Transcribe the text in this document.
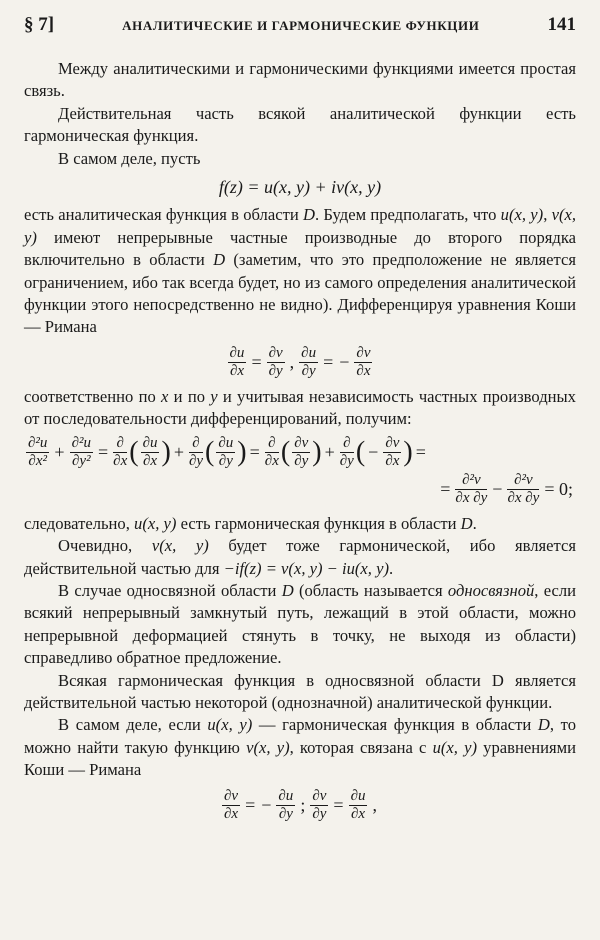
§ 7]	АНАЛИТИЧЕСКИЕ И ГАРМОНИЧЕСКИЕ ФУНКЦИИ	141

Между аналитическими и гармоническими функциями имеется простая связь.

Действительная часть всякой аналитической функции есть гармоническая функция.

В самом деле, пусть

f(z) = u(x, y) + iv(x, y)

есть аналитическая функция в области D. Будем предполагать, что u(x, y), v(x, y) имеют непрерывные частные производные до второго порядка включительно в области D (заметим, что это предположение не является ограничением, ибо так всегда будет, но из самого определения аналитической функции этого непосредственно не видно). Дифференцируя уравнения Коши — Римана

$\frac{\partial u}{\partial x} = \frac{\partial v}{\partial y}$ , $\frac{\partial u}{\partial y}$ = − $\frac{\partial v}{\partial x}$

соответственно по x и по y и учитывая независимость частных производных от последовательности дифференцирований, получим:

$\frac{\text{∂²u}}{\text{∂x²}} + \frac{\text{∂²u}}{\text{∂y²}} = \frac{\partial}{\partial x}$ ( $\frac{\partial u}{\partial x}$ ) + $\frac{\partial}{\partial y}$ ( $\frac{\partial u}{\partial y}$ ) = $\frac{\partial}{\partial x}$ ( $\frac{\partial v}{\partial y}$ ) + $\frac{\partial}{\partial y}$ ( − $\frac{\partial v}{\partial x}$ ) =
= $\frac{\text{∂²v}}{\partial x \partial y} - \frac{\text{∂²v}}{\partial x \partial y} = 0$;

следовательно, u(x, y) есть гармоническая функция в области D.

Очевидно, v(x, y) будет тоже гармонической, ибо является действительной частью для −if(z) = v(x, y) − iu(x, y).

В случае односвязной области D (область называется односвязной, если всякий непрерывный замкнутый путь, лежащий в этой области, можно непрерывной деформацией стянуть в точку, не выходя из области) справедливо обратное предложение.

Всякая гармоническая функция в односвязной области D является действительной частью некоторой (однозначной) аналитической функции.

В самом деле, если u(x, y) — гармоническая функция в области D, то можно найти такую функцию v(x, y), которая связана с u(x, y) уравнениями Коши — Римана

$\frac{\partial v}{\partial x}$ = − $\frac{\partial u}{\partial y}$ ; $\frac{\partial v}{\partial y} = \frac{\partial u}{\partial x}$ ,
